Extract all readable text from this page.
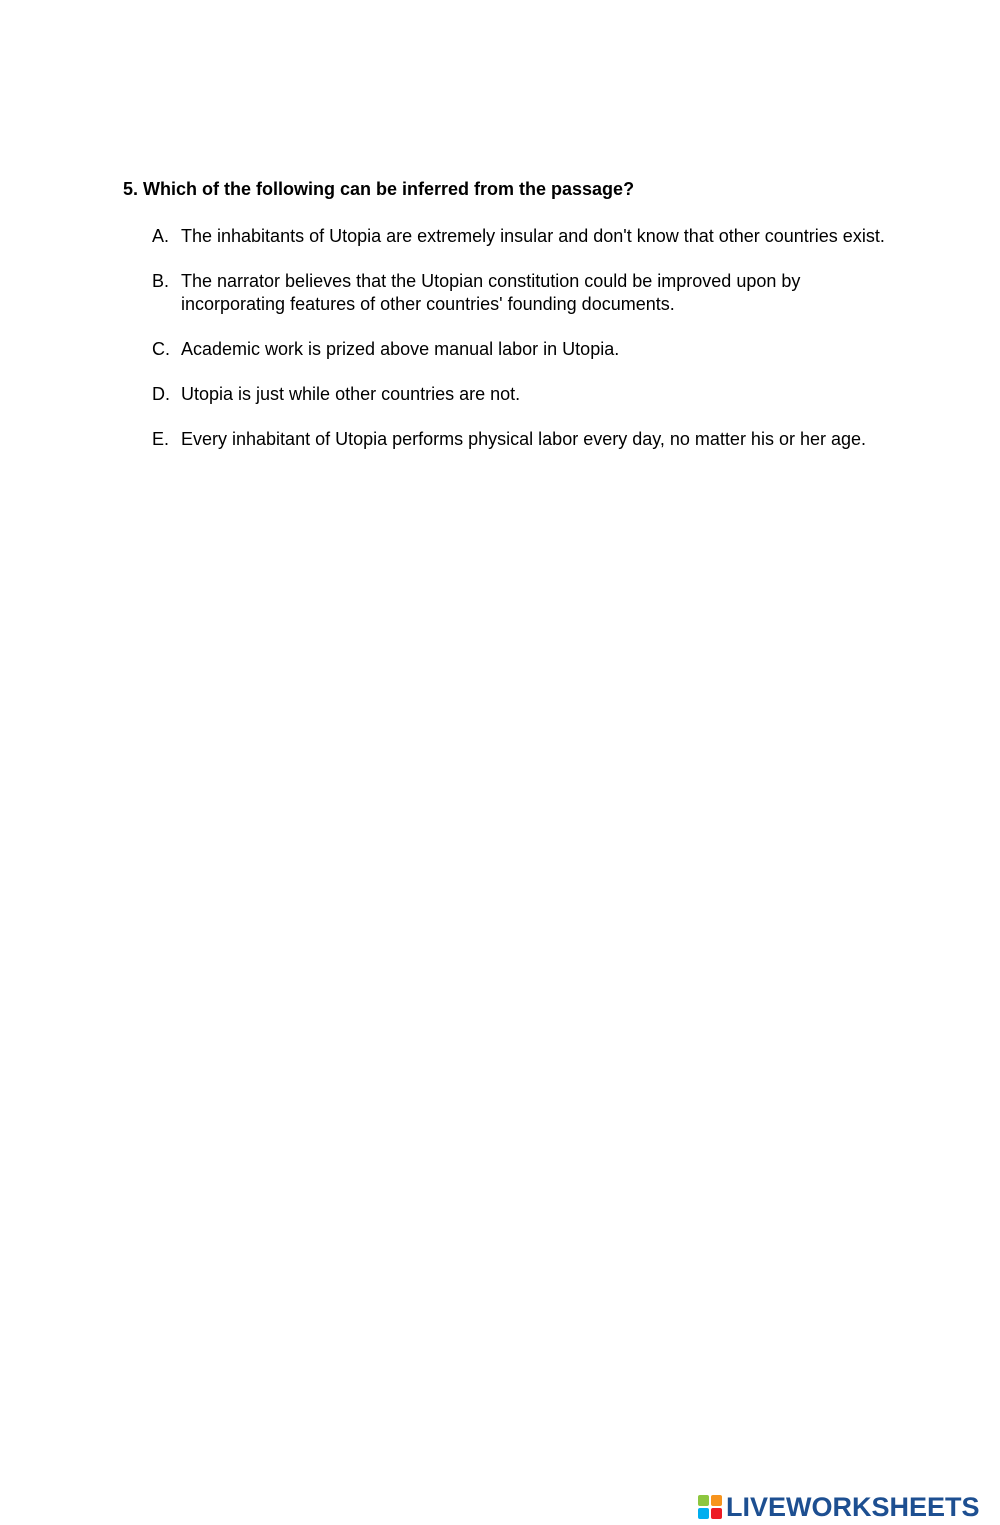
5. Which of the following can be inferred from the passage?

A. The inhabitants of Utopia are extremely insular and don't know that other countries exist.
B. The narrator believes that the Utopian constitution could be improved upon by incorporating features of other countries' founding documents.
C. Academic work is prized above manual labor in Utopia.
D. Utopia is just while other countries are not.
E. Every inhabitant of Utopia performs physical labor every day, no matter his or her age.
LIVEWORKSHEETS
